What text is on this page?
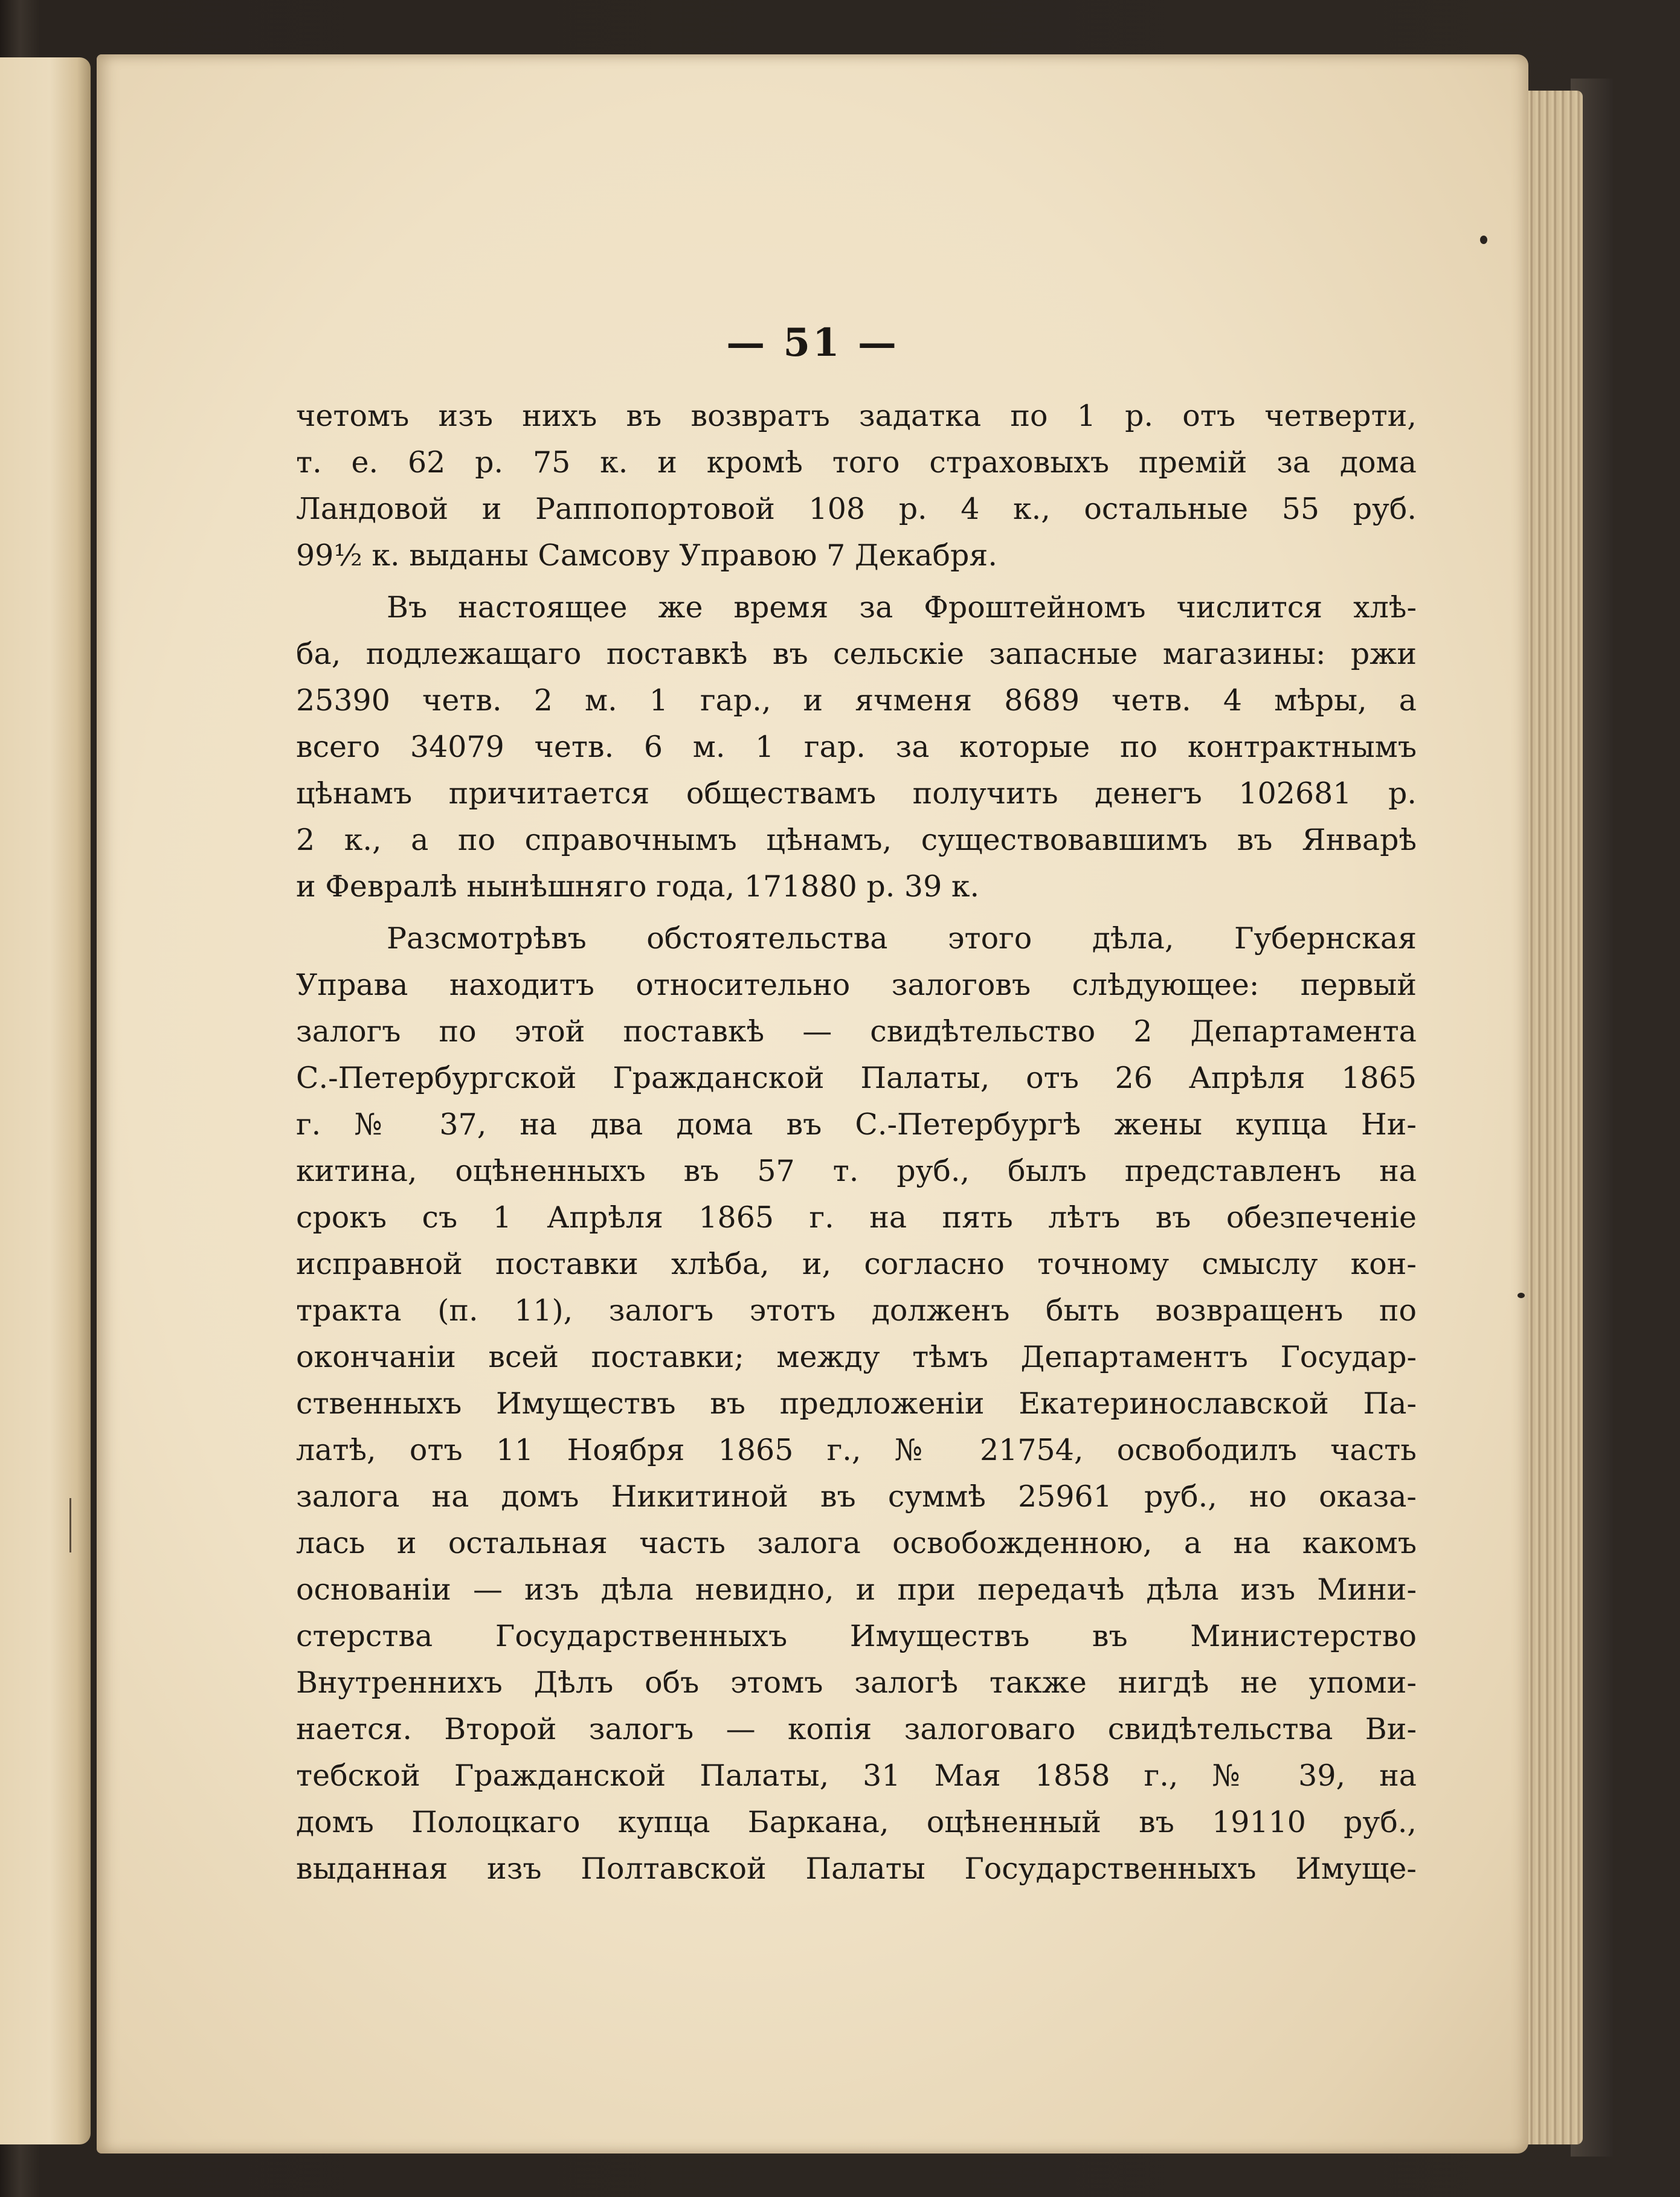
— 51 —

четомъ изъ нихъ въ возвратъ задатка по 1 р. отъ четверти,

т. е. 62 р. 75 к. и кромѣ того страховыхъ премій за дома

Ландовой и Раппопортовой 108 р. 4 к., остальные 55 руб.

99½ к. выданы Самсову Управою 7 Декабря.

Въ настоящее же время за Фроштейномъ числится хлѣ-

ба, подлежащаго поставкѣ въ сельскіе запасные магазины: ржи

25390 четв. 2 м. 1 гар., и ячменя 8689 четв. 4 мѣры, а

всего 34079 четв. 6 м. 1 гар. за которые по контрактнымъ

цѣнамъ причитается обществамъ получить денегъ 102681 р.

2 к., а по справочнымъ цѣнамъ, существовавшимъ въ Январѣ

и Февралѣ нынѣшняго года, 171880 р. 39 к.

Разсмотрѣвъ обстоятельства этого дѣла, Губернская

Управа находитъ относительно залоговъ слѣдующее: первый

залогъ по этой поставкѣ — свидѣтельство 2 Департамента

С.-Петербургской Гражданской Палаты, отъ 26 Апрѣля 1865

г. № 37, на два дома въ С.-Петербургѣ жены купца Ни-

китина, оцѣненныхъ въ 57 т. руб., былъ представленъ на

срокъ съ 1 Апрѣля 1865 г. на пять лѣтъ въ обезпеченіе

исправной поставки хлѣба, и, согласно точному смыслу кон-

тракта (п. 11), залогъ этотъ долженъ быть возвращенъ по

окончаніи всей поставки; между тѣмъ Департаментъ Государ-

ственныхъ Имуществъ въ предложеніи Екатеринославской Па-

латѣ, отъ 11 Ноября 1865 г., № 21754, освободилъ часть

залога на домъ Никитиной въ суммѣ 25961 руб., но оказа-

лась и остальная часть залога освобожденною, а на какомъ

основаніи — изъ дѣла невидно, и при передачѣ дѣла изъ Мини-

стерства Государственныхъ Имуществъ въ Министерство

Внутреннихъ Дѣлъ объ этомъ залогѣ также нигдѣ не упоми-

нается. Второй залогъ — копія залоговаго свидѣтельства Ви-

тебской Гражданской Палаты, 31 Мая 1858 г., № 39, на

домъ Полоцкаго купца Баркана, оцѣненный въ 19110 руб.,

выданная изъ Полтавской Палаты Государственныхъ Имуще-
